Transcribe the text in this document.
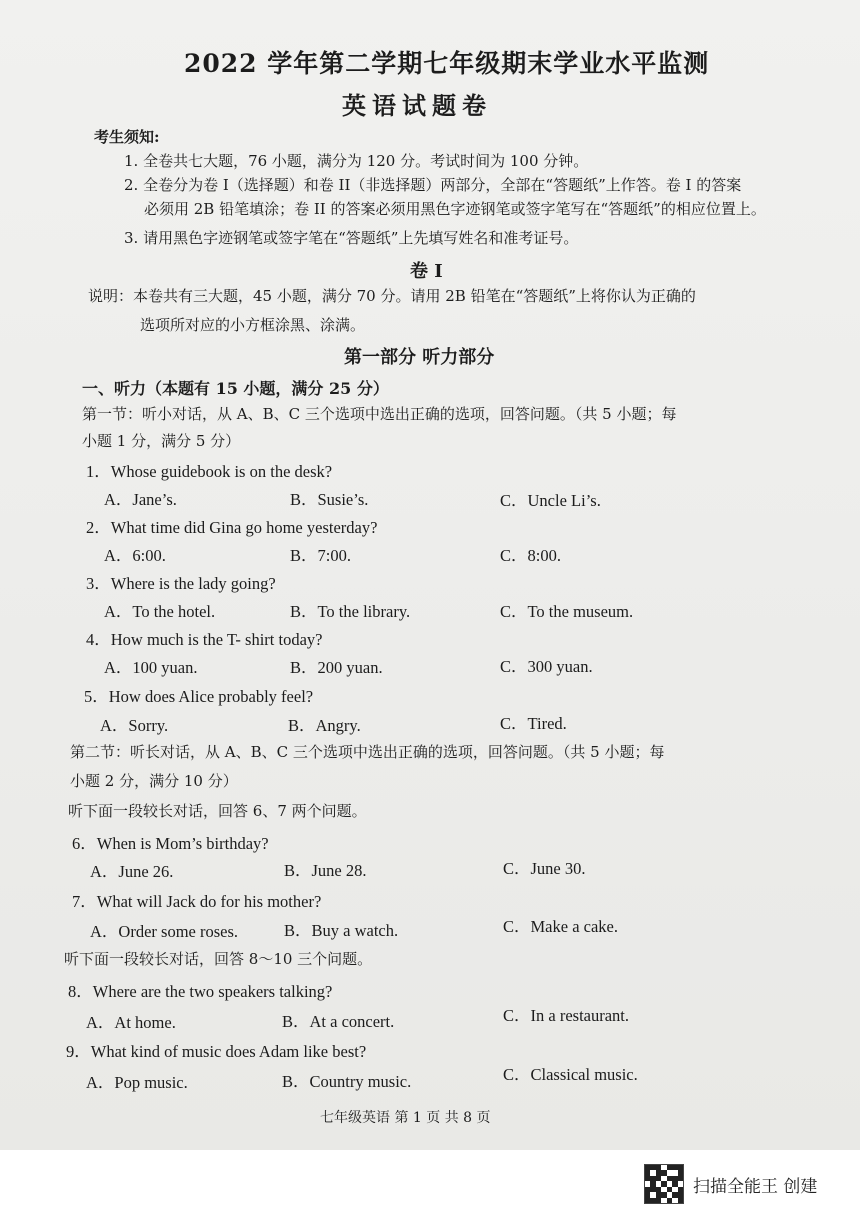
2022 学年第二学期七年级期末学业水平监测
英语试题卷
考生须知:
1. 全卷共七大题，76 小题，满分为 120 分。考试时间为 100 分钟。
2. 全卷分为卷 I（选择题）和卷 II（非选择题）两部分，全部在“答题纸”上作答。卷 I 的答案
必须用 2B 铅笔填涂；卷 II 的答案必须用黑色字迹钢笔或签字笔写在“答题纸”的相应位置上。
3. 请用黑色字迹钢笔或签字笔在“答题纸”上先填写姓名和准考证号。
卷 I
说明：本卷共有三大题，45 小题，满分 70 分。请用 2B 铅笔在“答题纸”上将你认为正确的
选项所对应的小方框涂黑、涂满。
第一部分 听力部分
一、听力（本题有 15 小题，满分 25 分）
第一节：听小对话，从 A、B、C 三个选项中选出正确的选项，回答问题。（共 5 小题；每
小题 1 分，满分 5 分）
1．Whose guidebook is on the desk?
A．Jane’s.	B．Susie’s.	C．Uncle Li’s.
2．What time did Gina go home yesterday?
A．6:00.	B．7:00.	C．8:00.
3．Where is the lady going?
A．To the hotel.	B．To the library.	C．To the museum.
4．How much is the T- shirt today?
A．100 yuan.	B．200 yuan.	C．300 yuan.
5．How does Alice probably feel?
A．Sorry.	B．Angry.	C．Tired.
第二节：听长对话，从 A、B、C 三个选项中选出正确的选项，回答问题。（共 5 小题；每
小题 2 分，满分 10 分）
听下面一段较长对话，回答 6、7 两个问题。
6．When is Mom’s birthday?
A．June 26.	B．June 28.	C．June 30.
7．What will Jack do for his mother?
A．Order some roses.	B．Buy a watch.	C．Make a cake.
听下面一段较长对话，回答 8～10 三个问题。
8．Where are the two speakers talking?
A．At home.	B．At a concert.	C．In a restaurant.
9．What kind of music does Adam like best?
A．Pop music.	B．Country music.	C．Classical music.
七年级英语 第 1 页 共 8 页
扫描全能王 创建
